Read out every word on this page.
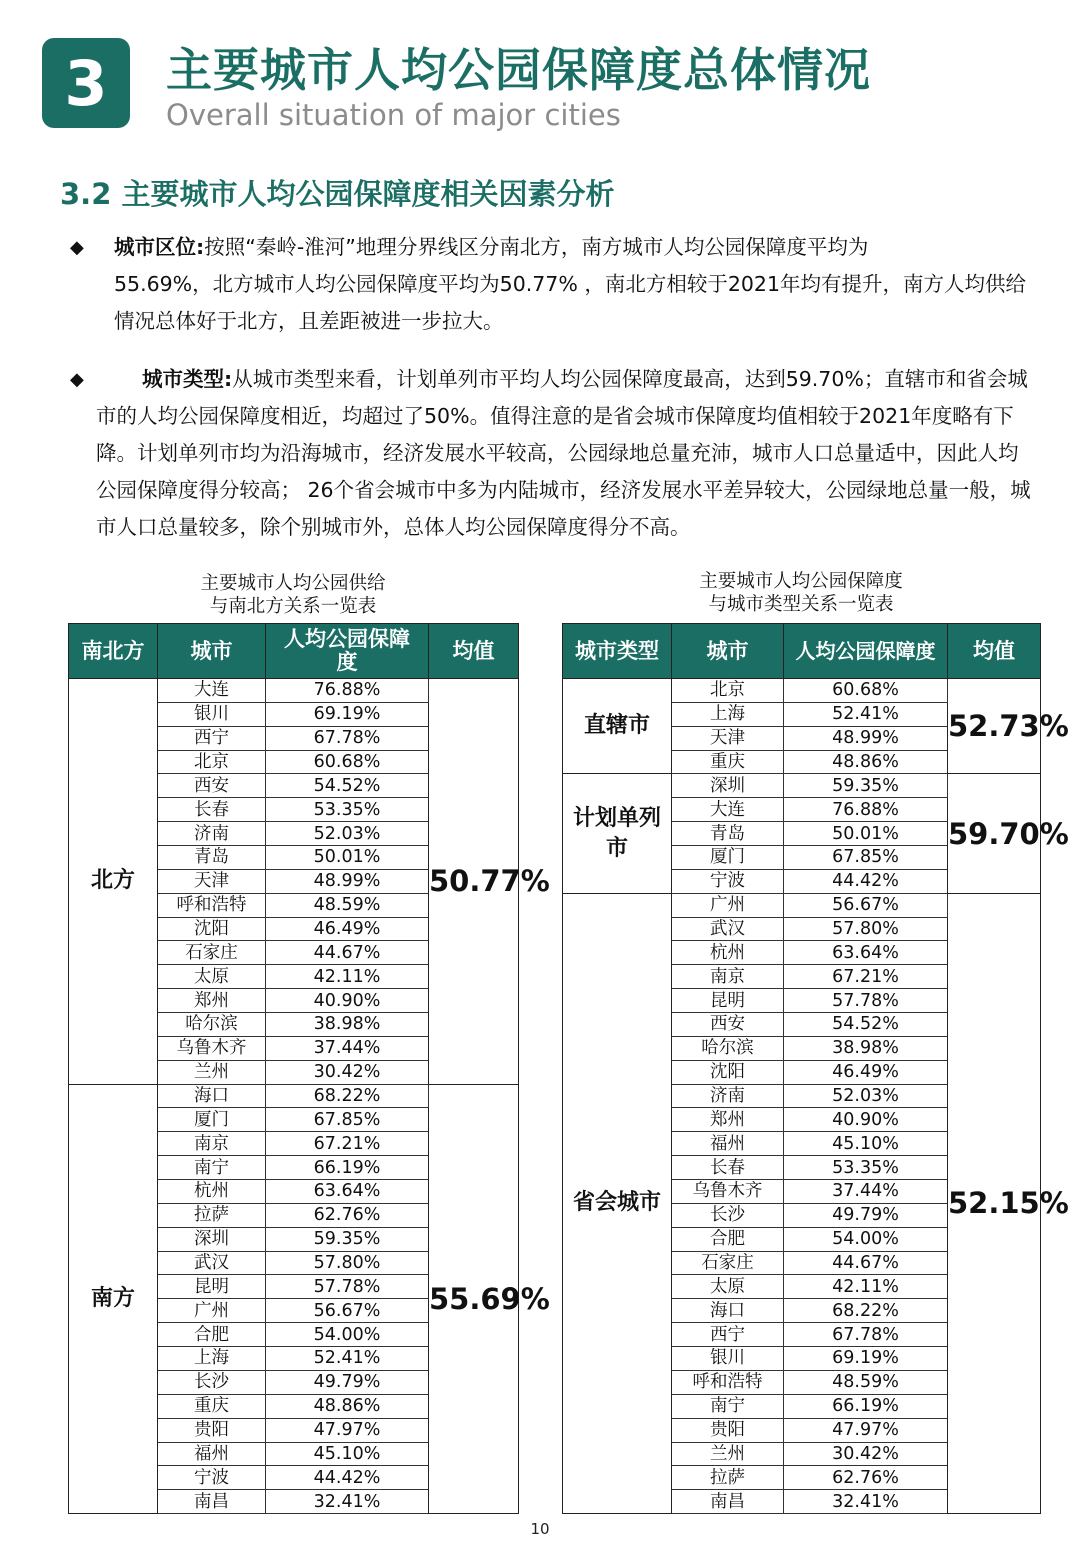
3	主要城市人均公园保障度总体情况
Overall situation of major cities
3.2 主要城市人均公园保障度相关因素分析
◆ 城市区位:按照“秦岭-淮河”地理分界线区分南北方，南方城市人均公园保障度平均为
55.69%，北方城市人均公园保障度平均为50.77% ，南北方相较于2021年均有提升，南方人均供给情况总体好于北方，且差距被进一步拉大。
◆	城市类型:从城市类型来看，计划单列市平均人均公园保障度最高，达到59.70%；直辖市和省会城市的人均公园保障度相近，均超过了50%。值得注意的是省会城市保障度均值相较于2021年度略有下降。计划单列市均为沿海城市，经济发展水平较高，公园绿地总量充沛，城市人口总量适中，因此人均公园保障度得分较高； 26个省会城市中多为内陆城市，经济发展水平差异较大，公园绿地总量一般，城市人口总量较多，除个别城市外，总体人均公园保障度得分不高。
主要城市人均公园供给
与南北方关系一览表
主要城市人均公园保障度
与城市类型关系一览表
南北方	城市	人均公园保障度	均值
北方	大连	76.88%	50.77%
	银川	69.19%	
	西宁	67.78%	
	北京	60.68%	
	西安	54.52%	
	长春	53.35%	
	济南	52.03%	
	青岛	50.01%	
	天津	48.99%	
	呼和浩特	48.59%	
	沈阳	46.49%	
	石家庄	44.67%	
	太原	42.11%	
	郑州	40.90%	
	哈尔滨	38.98%	
	乌鲁木齐	37.44%	
	兰州	30.42%	
南方	海口	68.22%	55.69%
	厦门	67.85%	
	南京	67.21%	
	南宁	66.19%	
	杭州	63.64%	
	拉萨	62.76%	
	深圳	59.35%	
	武汉	57.80%	
	昆明	57.78%	
	广州	56.67%	
	合肥	54.00%	
	上海	52.41%	
	长沙	49.79%	
	重庆	48.86%	
	贵阳	47.97%	
	福州	45.10%	
	宁波	44.42%	
	南昌	32.41%	
城市类型	城市	人均公园保障度	均值
直辖市	北京	60.68%	52.73%
	上海	52.41%	
	天津	48.99%	
	重庆	48.86%	
计划单列市	深圳	59.35%	59.70%
	大连	76.88%	
	青岛	50.01%	
	厦门	67.85%	
	宁波	44.42%	
省会城市	广州	56.67%	52.15%
	武汉	57.80%	
	杭州	63.64%	
	南京	67.21%	
	昆明	57.78%	
	西安	54.52%	
	哈尔滨	38.98%	
	沈阳	46.49%	
	济南	52.03%	
	郑州	40.90%	
	福州	45.10%	
	长春	53.35%	
	乌鲁木齐	37.44%	
	长沙	49.79%	
	合肥	54.00%	
	石家庄	44.67%	
	太原	42.11%	
	海口	68.22%	
	西宁	67.78%	
	银川	69.19%	
	呼和浩特	48.59%	
	南宁	66.19%	
	贵阳	47.97%	
	兰州	30.42%	
	拉萨	62.76%	
	南昌	32.41%	
10
